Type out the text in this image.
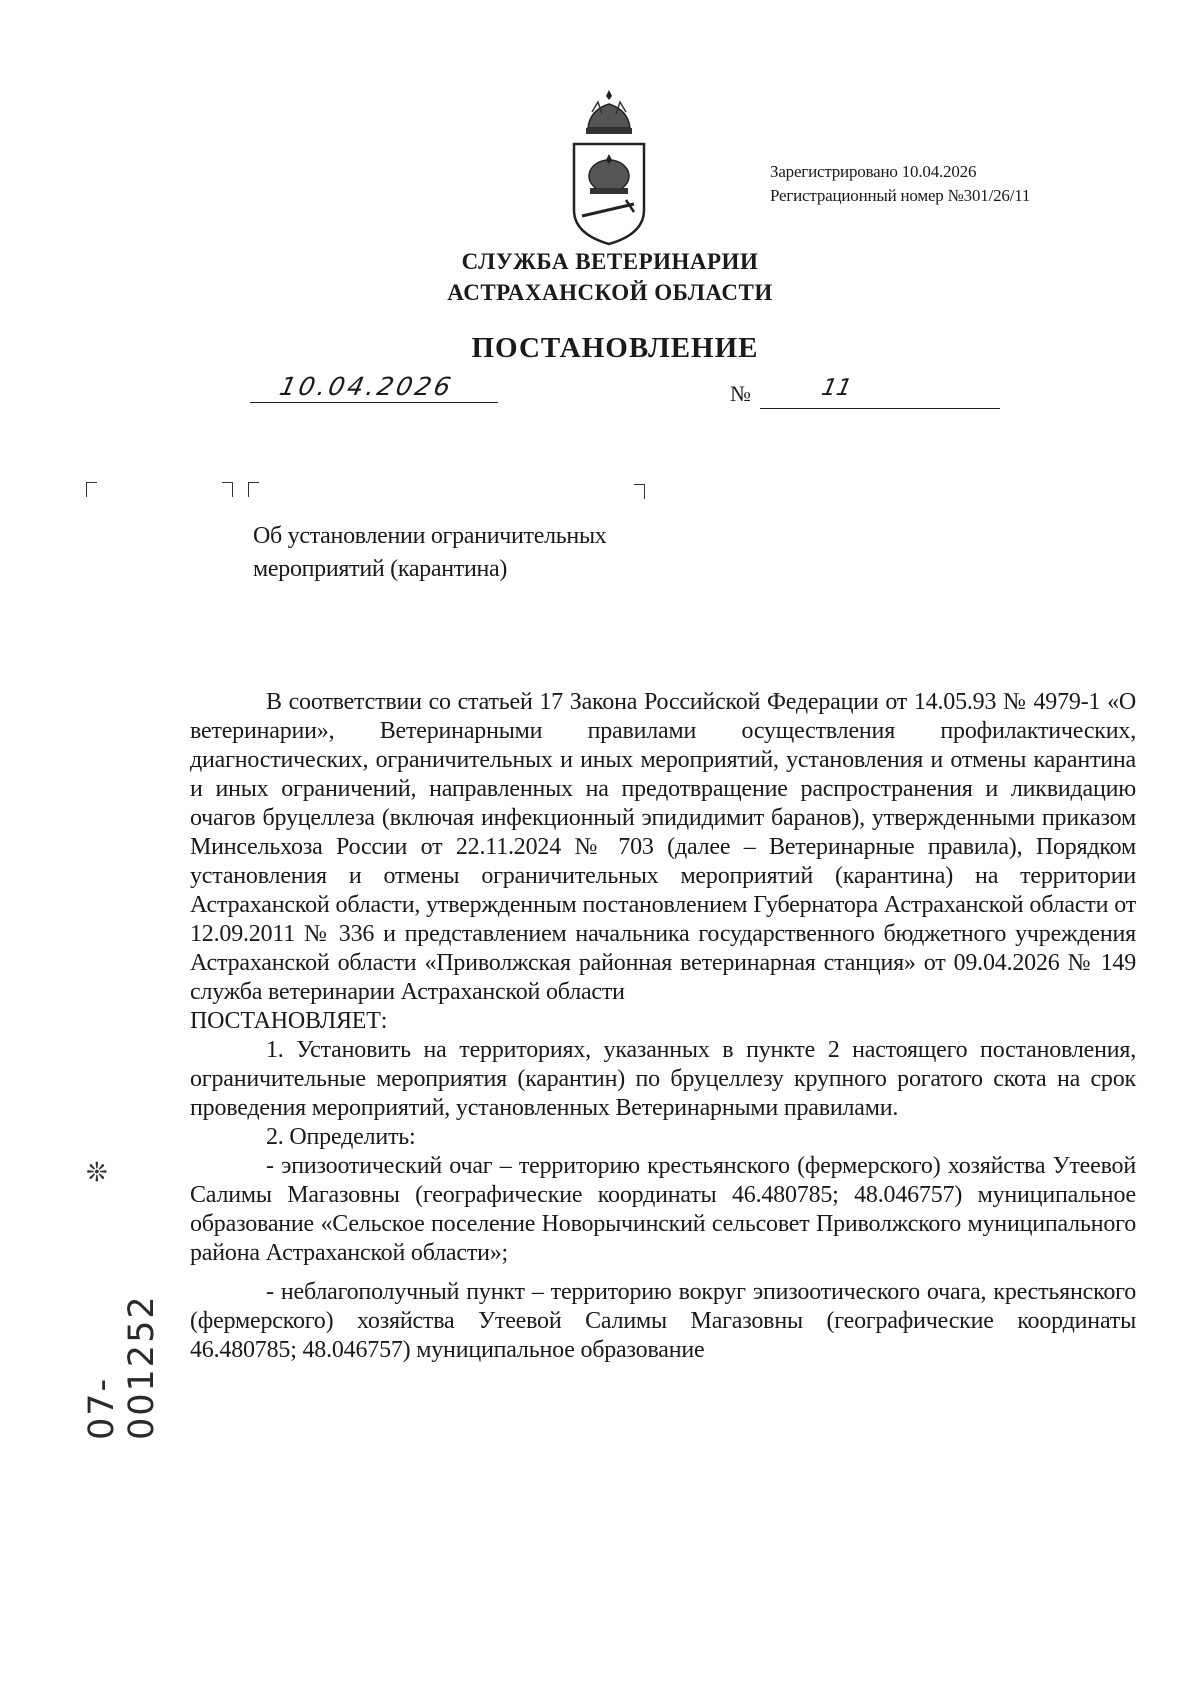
Зарегистрировано 10.04.2026
Регистрационный номер №301/26/11
СЛУЖБА ВЕТЕРИНАРИИ
АСТРАХАНСКОЙ ОБЛАСТИ
ПОСТАНОВЛЕНИЕ
10.04.2026	№	11
Об установлении ограничительных
мероприятий (карантина)

В соответствии со статьей 17 Закона Российской Федерации от 14.05.93 № 4979-1 «О ветеринарии», Ветеринарными правилами осуществления профилактических, диагностических, ограничительных и иных мероприятий, установления и отмены карантина и иных ограничений, направленных на предотвращение распространения и ликвидацию очагов бруцеллеза (включая инфекционный эпидидимит баранов), утвержденными приказом Минсельхоза России от 22.11.2024 № 703 (далее – Ветеринарные правила), Порядком установления и отмены ограничительных мероприятий (карантина) на территории Астраханской области, утвержденным постановлением Губернатора Астраханской области от 12.09.2011 № 336 и представлением начальника государственного бюджетного учреждения Астраханской области «Приволжская районная ветеринарная станция» от 09.04.2026 № 149 служба ветеринарии Астраханской области

ПОСТАНОВЛЯЕТ:

1. Установить на территориях, указанных в пункте 2 настоящего постановления, ограничительные мероприятия (карантин) по бруцеллезу крупного рогатого скота на срок проведения мероприятий, установленных Ветеринарными правилами.

2. Определить:

- эпизоотический очаг – территорию крестьянского (фермерского) хозяйства Утеевой Салимы Магазовны (географические координаты 46.480785; 48.046757) муниципальное образование «Сельское поселение Новорычинский сельсовет Приволжского муниципального района Астраханской области»;

- неблагополучный пункт – территорию вокруг эпизоотического очага, крестьянского (фермерского) хозяйства Утеевой Салимы Магазовны (географические координаты 46.480785; 48.046757) муниципальное образование

❊
07-001252
